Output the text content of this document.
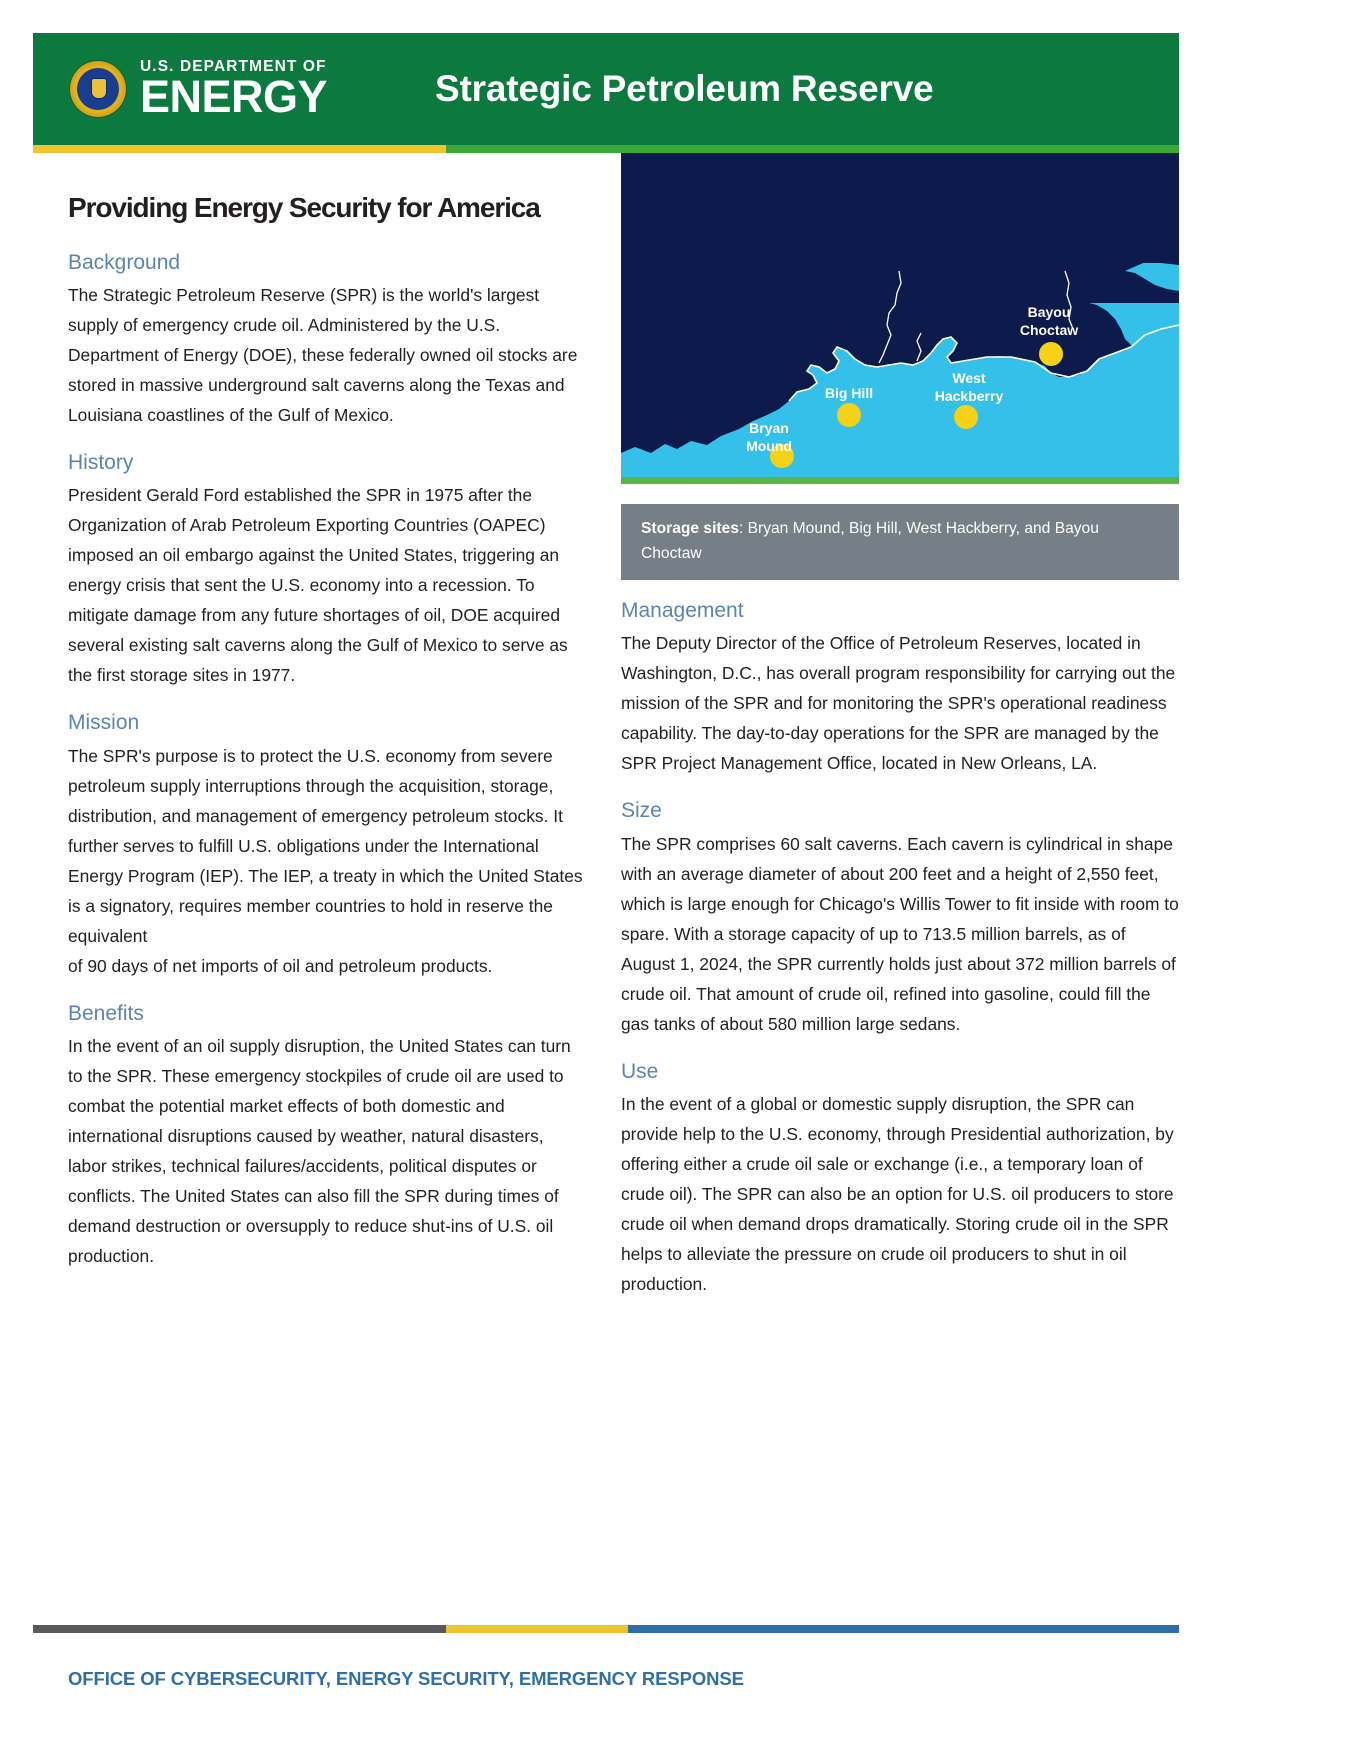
U.S. DEPARTMENT OF
ENERGY	Strategic Petroleum Reserve
Providing Energy Security for America
Background

The Strategic Petroleum Reserve (SPR) is the world's largest supply of emergency crude oil. Administered by the U.S. Department of Energy (DOE), these federally owned oil stocks are stored in massive underground salt caverns along the Texas and Louisiana coastlines of the Gulf of Mexico.

History

President Gerald Ford established the SPR in 1975 after the Organization of Arab Petroleum Exporting Countries (OAPEC) imposed an oil embargo against the United States, triggering an energy crisis that sent the U.S. economy into a recession. To mitigate damage from any future shortages of oil, DOE acquired several existing salt caverns along the Gulf of Mexico to serve as the first storage sites in 1977.

Mission

The SPR's purpose is to protect the U.S. economy from severe petroleum supply interruptions through the acquisition, storage, distribution, and management of emergency petroleum stocks. It further serves to fulfill U.S. obligations under the International Energy Program (IEP). The IEP, a treaty in which the United States is a signatory, requires member countries to hold in reserve the equivalent

of 90 days of net imports of oil and petroleum products.

Benefits

In the event of an oil supply disruption, the United States can turn to the SPR. These emergency stockpiles of crude oil are used to combat the potential market effects of both domestic and international disruptions caused by weather, natural disasters, labor strikes, technical failures/accidents, political disputes or conflicts. The United States can also fill the SPR during times of demand destruction or oversupply to reduce shut-ins of U.S. oil production.

Bryan
Mound
Big Hill
West
Hackberry
Bayou
Choctaw
Storage sites: Bryan Mound, Big Hill, West Hackberry, and Bayou Choctaw
Management

The Deputy Director of the Office of Petroleum Reserves, located in Washington, D.C., has overall program responsibility for carrying out the mission of the SPR and for monitoring the SPR's operational readiness capability. The day-to-day operations for the SPR are managed by the SPR Project Management Office, located in New Orleans, LA.

Size

The SPR comprises 60 salt caverns. Each cavern is cylindrical in shape with an average diameter of about 200 feet and a height of 2,550 feet, which is large enough for Chicago's Willis Tower to fit inside with room to spare. With a storage capacity of up to 713.5 million barrels, as of August 1, 2024, the SPR currently holds just about 372 million barrels of crude oil. That amount of crude oil, refined into gasoline, could fill the gas tanks of about 580 million large sedans.

Use

In the event of a global or domestic supply disruption, the SPR can provide help to the U.S. economy, through Presidential authorization, by offering either a crude oil sale or exchange (i.e., a temporary loan of crude oil). The SPR can also be an option for U.S. oil producers to store crude oil when demand drops dramatically. Storing crude oil in the SPR helps to alleviate the pressure on crude oil producers to shut in oil production.

OFFICE OF CYBERSECURITY, ENERGY SECURITY, EMERGENCY RESPONSE
